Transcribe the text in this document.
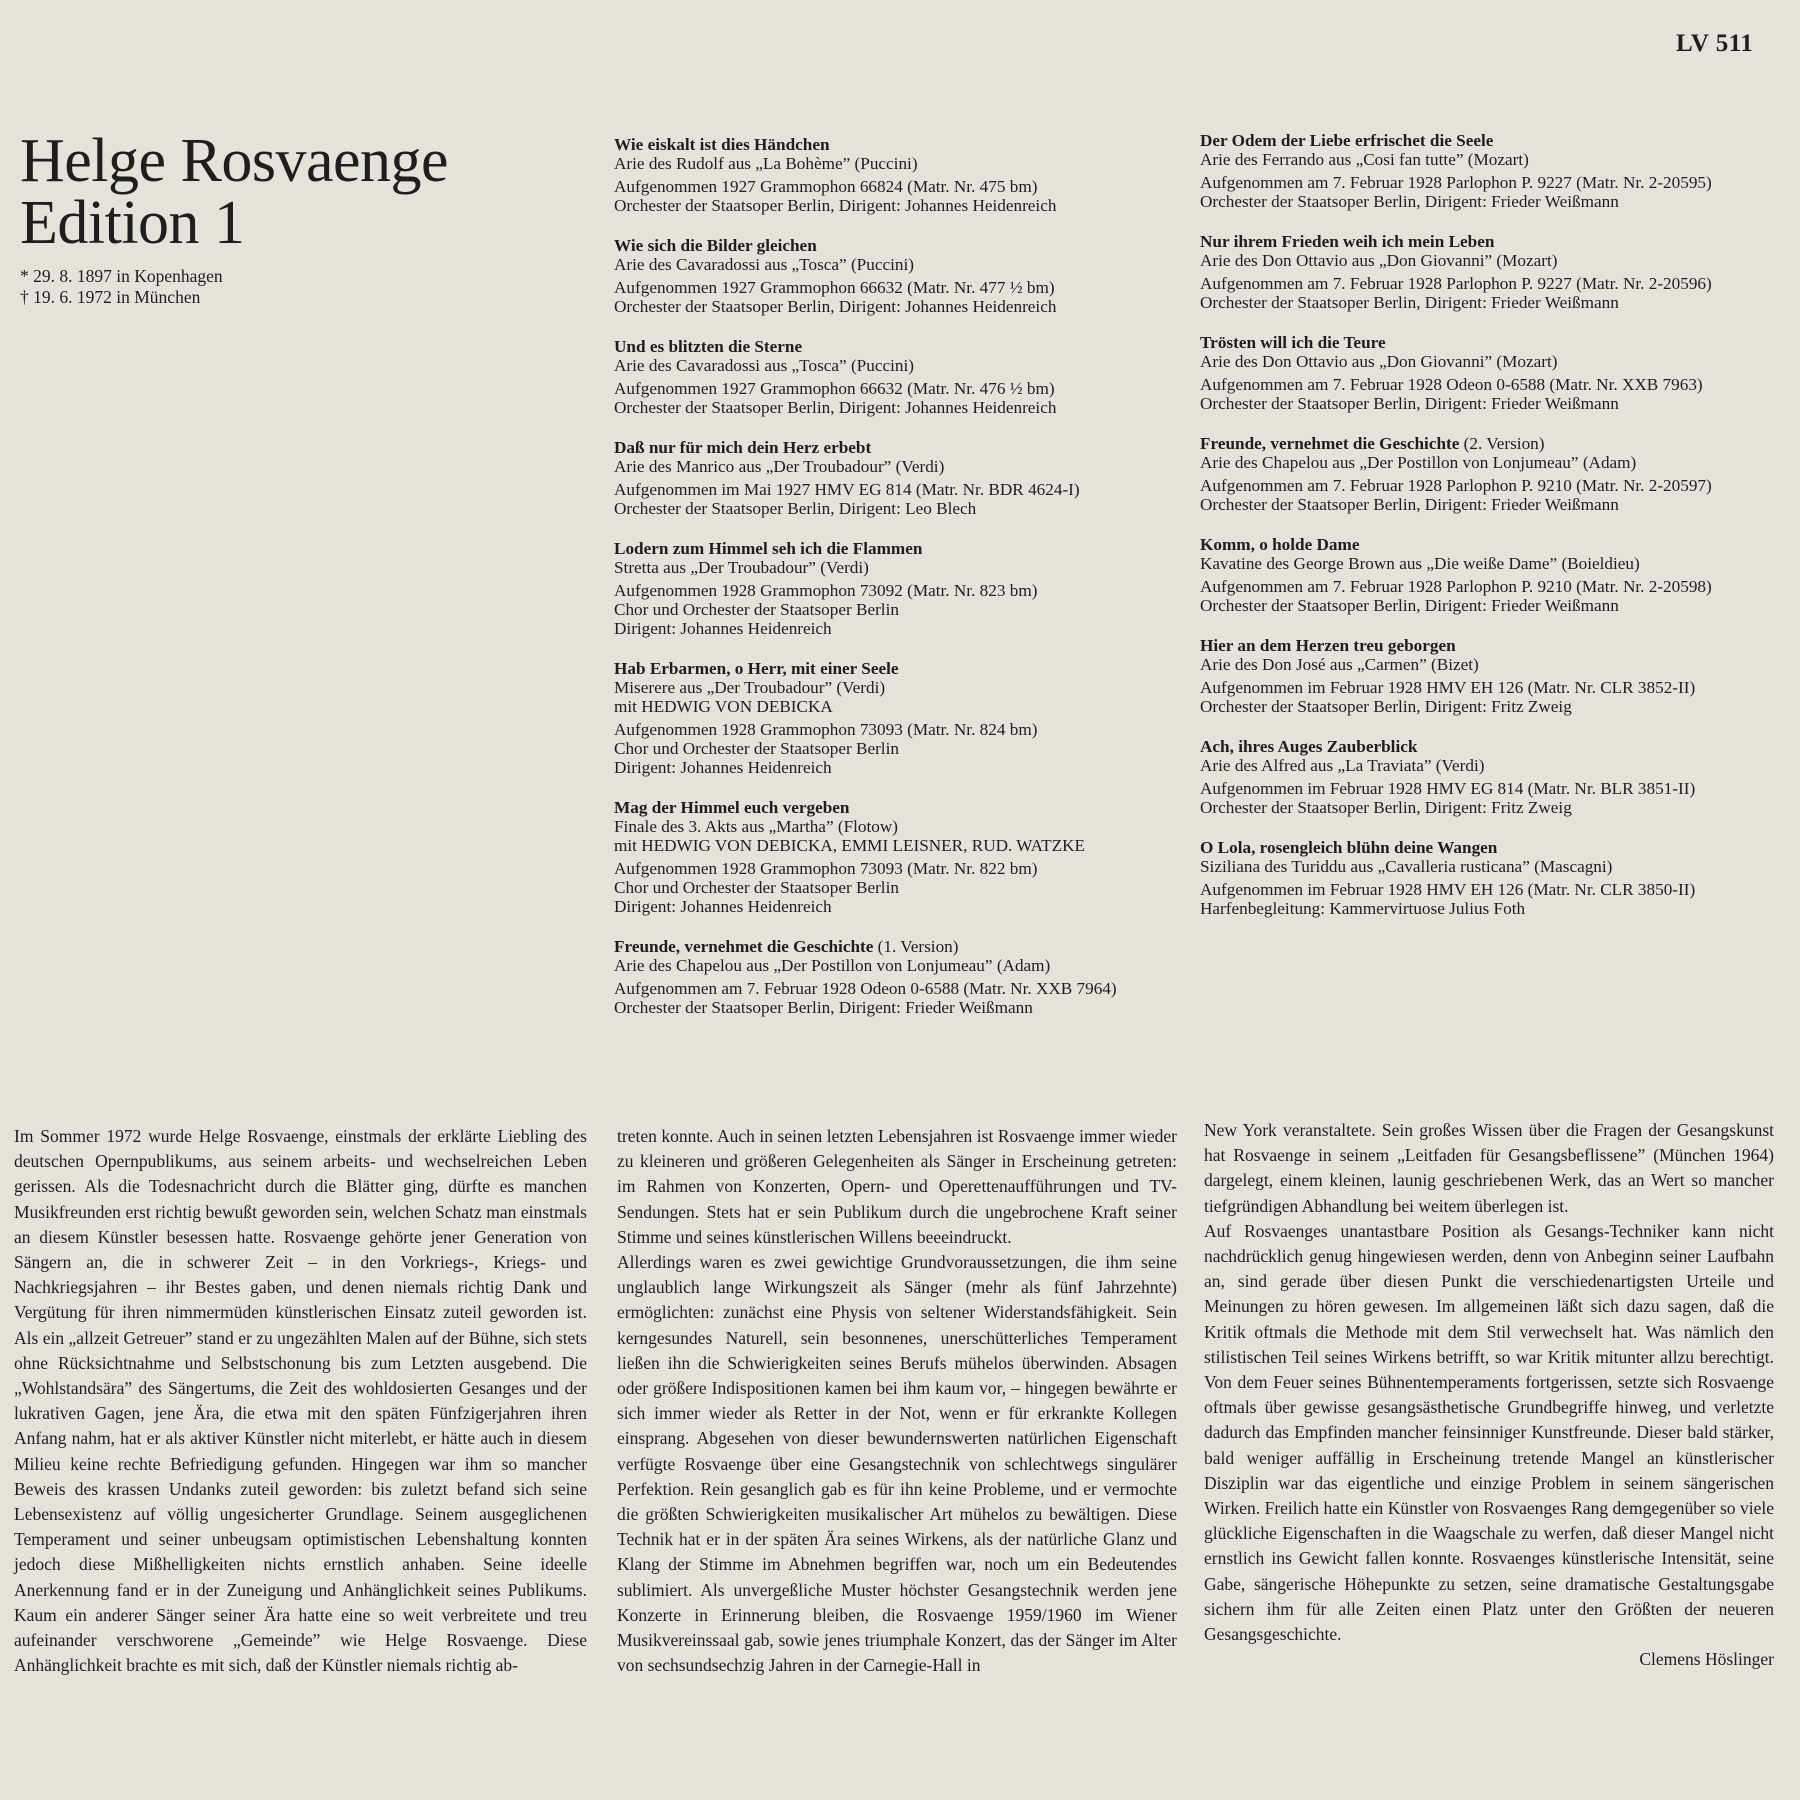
LV 511
Helge Rosvaenge
Edition 1
* 29. 8. 1897 in Kopenhagen
† 19. 6. 1972 in München
Wie eiskalt ist dies Händchen
Arie des Rudolf aus „La Bohème” (Puccini)
Aufgenommen 1927 Grammophon 66824 (Matr. Nr. 475 bm)
Orchester der Staatsoper Berlin, Dirigent: Johannes Heidenreich
Wie sich die Bilder gleichen
Arie des Cavaradossi aus „Tosca” (Puccini)
Aufgenommen 1927 Grammophon 66632 (Matr. Nr. 477 ½ bm)
Orchester der Staatsoper Berlin, Dirigent: Johannes Heidenreich
Und es blitzten die Sterne
Arie des Cavaradossi aus „Tosca” (Puccini)
Aufgenommen 1927 Grammophon 66632 (Matr. Nr. 476 ½ bm)
Orchester der Staatsoper Berlin, Dirigent: Johannes Heidenreich
Daß nur für mich dein Herz erbebt
Arie des Manrico aus „Der Troubadour” (Verdi)
Aufgenommen im Mai 1927 HMV EG 814 (Matr. Nr. BDR 4624-I)
Orchester der Staatsoper Berlin, Dirigent: Leo Blech
Lodern zum Himmel seh ich die Flammen
Stretta aus „Der Troubadour” (Verdi)
Aufgenommen 1928 Grammophon 73092 (Matr. Nr. 823 bm)
Chor und Orchester der Staatsoper Berlin
Dirigent: Johannes Heidenreich
Hab Erbarmen, o Herr, mit einer Seele
Miserere aus „Der Troubadour” (Verdi)
mit HEDWIG VON DEBICKA
Aufgenommen 1928 Grammophon 73093 (Matr. Nr. 824 bm)
Chor und Orchester der Staatsoper Berlin
Dirigent: Johannes Heidenreich
Mag der Himmel euch vergeben
Finale des 3. Akts aus „Martha” (Flotow)
mit HEDWIG VON DEBICKA, EMMI LEISNER, RUD. WATZKE
Aufgenommen 1928 Grammophon 73093 (Matr. Nr. 822 bm)
Chor und Orchester der Staatsoper Berlin
Dirigent: Johannes Heidenreich
Freunde, vernehmet die Geschichte (1. Version)
Arie des Chapelou aus „Der Postillon von Lonjumeau” (Adam)
Aufgenommen am 7. Februar 1928 Odeon 0-6588 (Matr. Nr. XXB 7964)
Orchester der Staatsoper Berlin, Dirigent: Frieder Weißmann
Der Odem der Liebe erfrischet die Seele
Arie des Ferrando aus „Cosi fan tutte” (Mozart)
Aufgenommen am 7. Februar 1928 Parlophon P. 9227 (Matr. Nr. 2-20595)
Orchester der Staatsoper Berlin, Dirigent: Frieder Weißmann
Nur ihrem Frieden weih ich mein Leben
Arie des Don Ottavio aus „Don Giovanni” (Mozart)
Aufgenommen am 7. Februar 1928 Parlophon P. 9227 (Matr. Nr. 2-20596)
Orchester der Staatsoper Berlin, Dirigent: Frieder Weißmann
Trösten will ich die Teure
Arie des Don Ottavio aus „Don Giovanni” (Mozart)
Aufgenommen am 7. Februar 1928 Odeon 0-6588 (Matr. Nr. XXB 7963)
Orchester der Staatsoper Berlin, Dirigent: Frieder Weißmann
Freunde, vernehmet die Geschichte (2. Version)
Arie des Chapelou aus „Der Postillon von Lonjumeau” (Adam)
Aufgenommen am 7. Februar 1928 Parlophon P. 9210 (Matr. Nr. 2-20597)
Orchester der Staatsoper Berlin, Dirigent: Frieder Weißmann
Komm, o holde Dame
Kavatine des George Brown aus „Die weiße Dame” (Boieldieu)
Aufgenommen am 7. Februar 1928 Parlophon P. 9210 (Matr. Nr. 2-20598)
Orchester der Staatsoper Berlin, Dirigent: Frieder Weißmann
Hier an dem Herzen treu geborgen
Arie des Don José aus „Carmen” (Bizet)
Aufgenommen im Februar 1928 HMV EH 126 (Matr. Nr. CLR 3852-II)
Orchester der Staatsoper Berlin, Dirigent: Fritz Zweig
Ach, ihres Auges Zauberblick
Arie des Alfred aus „La Traviata” (Verdi)
Aufgenommen im Februar 1928 HMV EG 814 (Matr. Nr. BLR 3851-II)
Orchester der Staatsoper Berlin, Dirigent: Fritz Zweig
O Lola, rosengleich blühn deine Wangen
Siziliana des Turiddu aus „Cavalleria rusticana” (Mascagni)
Aufgenommen im Februar 1928 HMV EH 126 (Matr. Nr. CLR 3850-II)
Harfenbegleitung: Kammervirtuose Julius Foth

Im Sommer 1972 wurde Helge Rosvaenge, einstmals der erklärte Liebling des deutschen Opernpublikums, aus seinem arbeits- und wechselreichen Leben gerissen. Als die Todesnachricht durch die Blätter ging, dürfte es manchen Musikfreunden erst richtig bewußt geworden sein, welchen Schatz man einstmals an diesem Künstler besessen hatte. Rosvaenge gehörte jener Generation von Sängern an, die in schwerer Zeit – in den Vorkriegs-, Kriegs- und Nachkriegsjahren – ihr Bestes gaben, und denen niemals richtig Dank und Vergütung für ihren nimmermüden künstlerischen Einsatz zuteil geworden ist. Als ein „allzeit Getreuer” stand er zu ungezählten Malen auf der Bühne, sich stets ohne Rücksichtnahme und Selbstschonung bis zum Letzten ausgebend. Die „Wohlstandsära” des Sängertums, die Zeit des wohldosierten Gesanges und der lukrativen Gagen, jene Ära, die etwa mit den späten Fünfzigerjahren ihren Anfang nahm, hat er als aktiver Künstler nicht miterlebt, er hätte auch in diesem Milieu keine rechte Befriedigung gefunden. Hingegen war ihm so mancher Beweis des krassen Undanks zuteil geworden: bis zuletzt befand sich seine Lebensexistenz auf völlig ungesicherter Grundlage. Seinem ausgeglichenen Temperament und seiner unbeugsam optimistischen Lebenshaltung konnten jedoch diese Mißhelligkeiten nichts ernstlich anhaben. Seine ideelle Anerkennung fand er in der Zuneigung und Anhänglichkeit seines Publikums. Kaum ein anderer Sänger seiner Ära hatte eine so weit verbreitete und treu aufeinander verschworene „Gemeinde” wie Helge Rosvaenge. Diese Anhänglichkeit brachte es mit sich, daß der Künstler niemals richtig ab-

treten konnte. Auch in seinen letzten Lebensjahren ist Rosvaenge immer wieder zu kleineren und größeren Gelegenheiten als Sänger in Erscheinung getreten: im Rahmen von Konzerten, Opern- und Operettenaufführungen und TV-Sendungen. Stets hat er sein Publikum durch die ungebrochene Kraft seiner Stimme und seines künstlerischen Willens beeeindruckt.

Allerdings waren es zwei gewichtige Grundvoraussetzungen, die ihm seine unglaublich lange Wirkungszeit als Sänger (mehr als fünf Jahrzehnte) ermöglichten: zunächst eine Physis von seltener Widerstandsfähigkeit. Sein kerngesundes Naturell, sein besonnenes, unerschütterliches Temperament ließen ihn die Schwierigkeiten seines Berufs mühelos überwinden. Absagen oder größere Indispositionen kamen bei ihm kaum vor, – hingegen bewährte er sich immer wieder als Retter in der Not, wenn er für erkrankte Kollegen einsprang. Abgesehen von dieser bewundernswerten natürlichen Eigenschaft verfügte Rosvaenge über eine Gesangstechnik von schlechtwegs singulärer Perfektion. Rein gesanglich gab es für ihn keine Probleme, und er vermochte die größten Schwierigkeiten musikalischer Art mühelos zu bewältigen. Diese Technik hat er in der späten Ära seines Wirkens, als der natürliche Glanz und Klang der Stimme im Abnehmen begriffen war, noch um ein Bedeutendes sublimiert. Als unvergeßliche Muster höchster Gesangstechnik werden jene Konzerte in Erinnerung bleiben, die Rosvaenge 1959/1960 im Wiener Musikvereinssaal gab, sowie jenes triumphale Konzert, das der Sänger im Alter von sechsundsechzig Jahren in der Carnegie-Hall in

New York veranstaltete. Sein großes Wissen über die Fragen der Gesangskunst hat Rosvaenge in seinem „Leitfaden für Gesangsbeflissene” (München 1964) dargelegt, einem kleinen, launig geschriebenen Werk, das an Wert so mancher tiefgründigen Abhandlung bei weitem überlegen ist.

Auf Rosvaenges unantastbare Position als Gesangs-Techniker kann nicht nachdrücklich genug hingewiesen werden, denn von Anbeginn seiner Laufbahn an, sind gerade über diesen Punkt die verschiedenartigsten Urteile und Meinungen zu hören gewesen. Im allgemeinen läßt sich dazu sagen, daß die Kritik oftmals die Methode mit dem Stil verwechselt hat. Was nämlich den stilistischen Teil seines Wirkens betrifft, so war Kritik mitunter allzu berechtigt. Von dem Feuer seines Bühnentemperaments fortgerissen, setzte sich Rosvaenge oftmals über gewisse gesangsästhetische Grundbegriffe hinweg, und verletzte dadurch das Empfinden mancher feinsinniger Kunstfreunde. Dieser bald stärker, bald weniger auffällig in Erscheinung tretende Mangel an künstlerischer Disziplin war das eigentliche und einzige Problem in seinem sängerischen Wirken. Freilich hatte ein Künstler von Rosvaenges Rang demgegenüber so viele glückliche Eigenschaften in die Waagschale zu werfen, daß dieser Mangel nicht ernstlich ins Gewicht fallen konnte. Rosvaenges künstlerische Intensität, seine Gabe, sängerische Höhepunkte zu setzen, seine dramatische Gestaltungsgabe sichern ihm für alle Zeiten einen Platz unter den Größten der neueren Gesangsgeschichte.

Clemens Höslinger
